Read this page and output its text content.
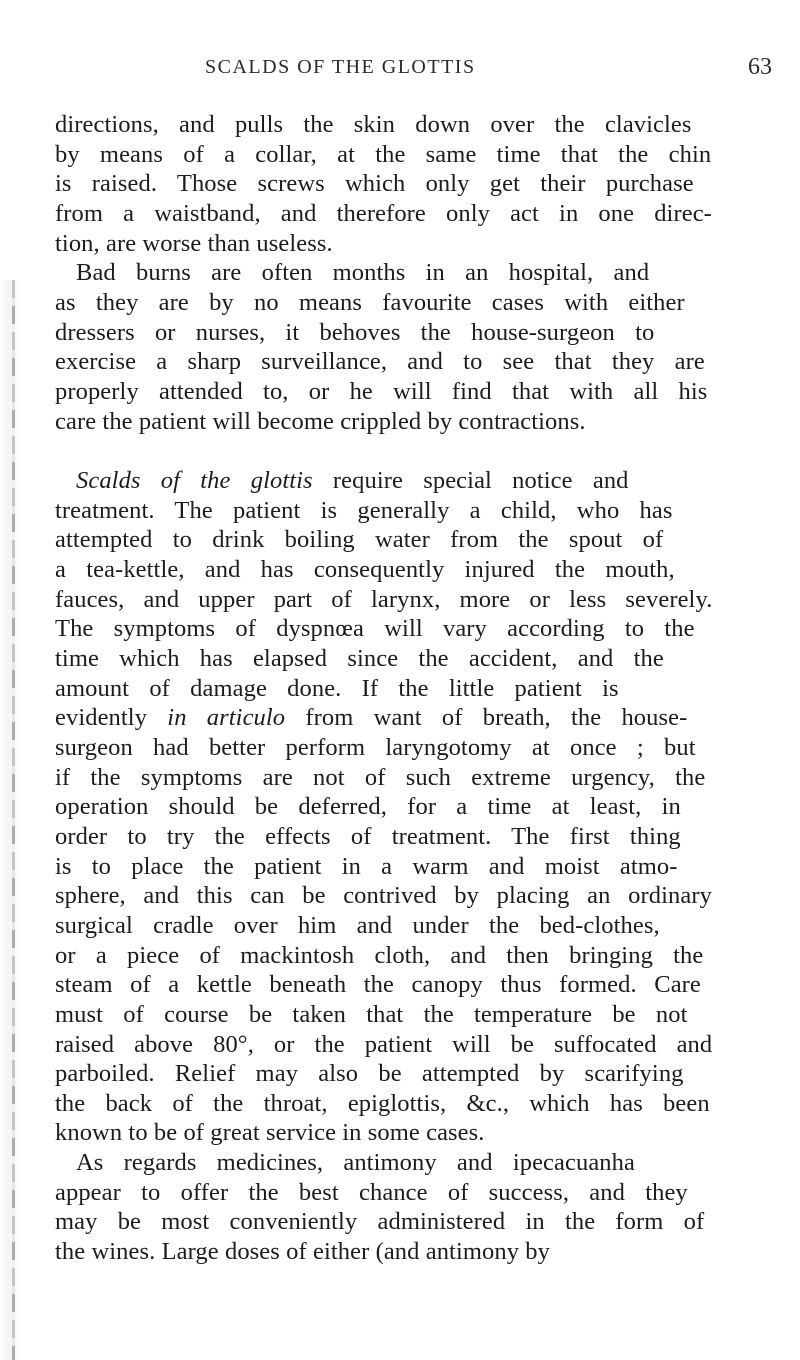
SCALDS OF THE GLOTTIS	63
directions, and pulls the skin down over the clavicles
by means of a collar, at the same time that the chin
is raised. Those screws which only get their purchase
from a waistband, and therefore only act in one direc-
tion, are worse than useless.
Bad burns are often months in an hospital, and
as they are by no means favourite cases with either
dressers or nurses, it behoves the house-surgeon to
exercise a sharp surveillance, and to see that they are
properly attended to, or he will find that with all his
care the patient will become crippled by contractions.
Scalds of the glottis require special notice and
treatment. The patient is generally a child, who has
attempted to drink boiling water from the spout of
a tea-kettle, and has consequently injured the mouth,
fauces, and upper part of larynx, more or less severely.
The symptoms of dyspnœa will vary according to the
time which has elapsed since the accident, and the
amount of damage done. If the little patient is
evidently in articulo from want of breath, the house-
surgeon had better perform laryngotomy at once ; but
if the symptoms are not of such extreme urgency, the
operation should be deferred, for a time at least, in
order to try the effects of treatment. The first thing
is to place the patient in a warm and moist atmo-
sphere, and this can be contrived by placing an ordinary
surgical cradle over him and under the bed-clothes,
or a piece of mackintosh cloth, and then bringing the
steam of a kettle beneath the canopy thus formed. Care
must of course be taken that the temperature be not
raised above 80°, or the patient will be suffocated and
parboiled. Relief may also be attempted by scarifying
the back of the throat, epiglottis, &c., which has been
known to be of great service in some cases.
As regards medicines, antimony and ipecacuanha
appear to offer the best chance of success, and they
may be most conveniently administered in the form of
the wines. Large doses of either (and antimony by
